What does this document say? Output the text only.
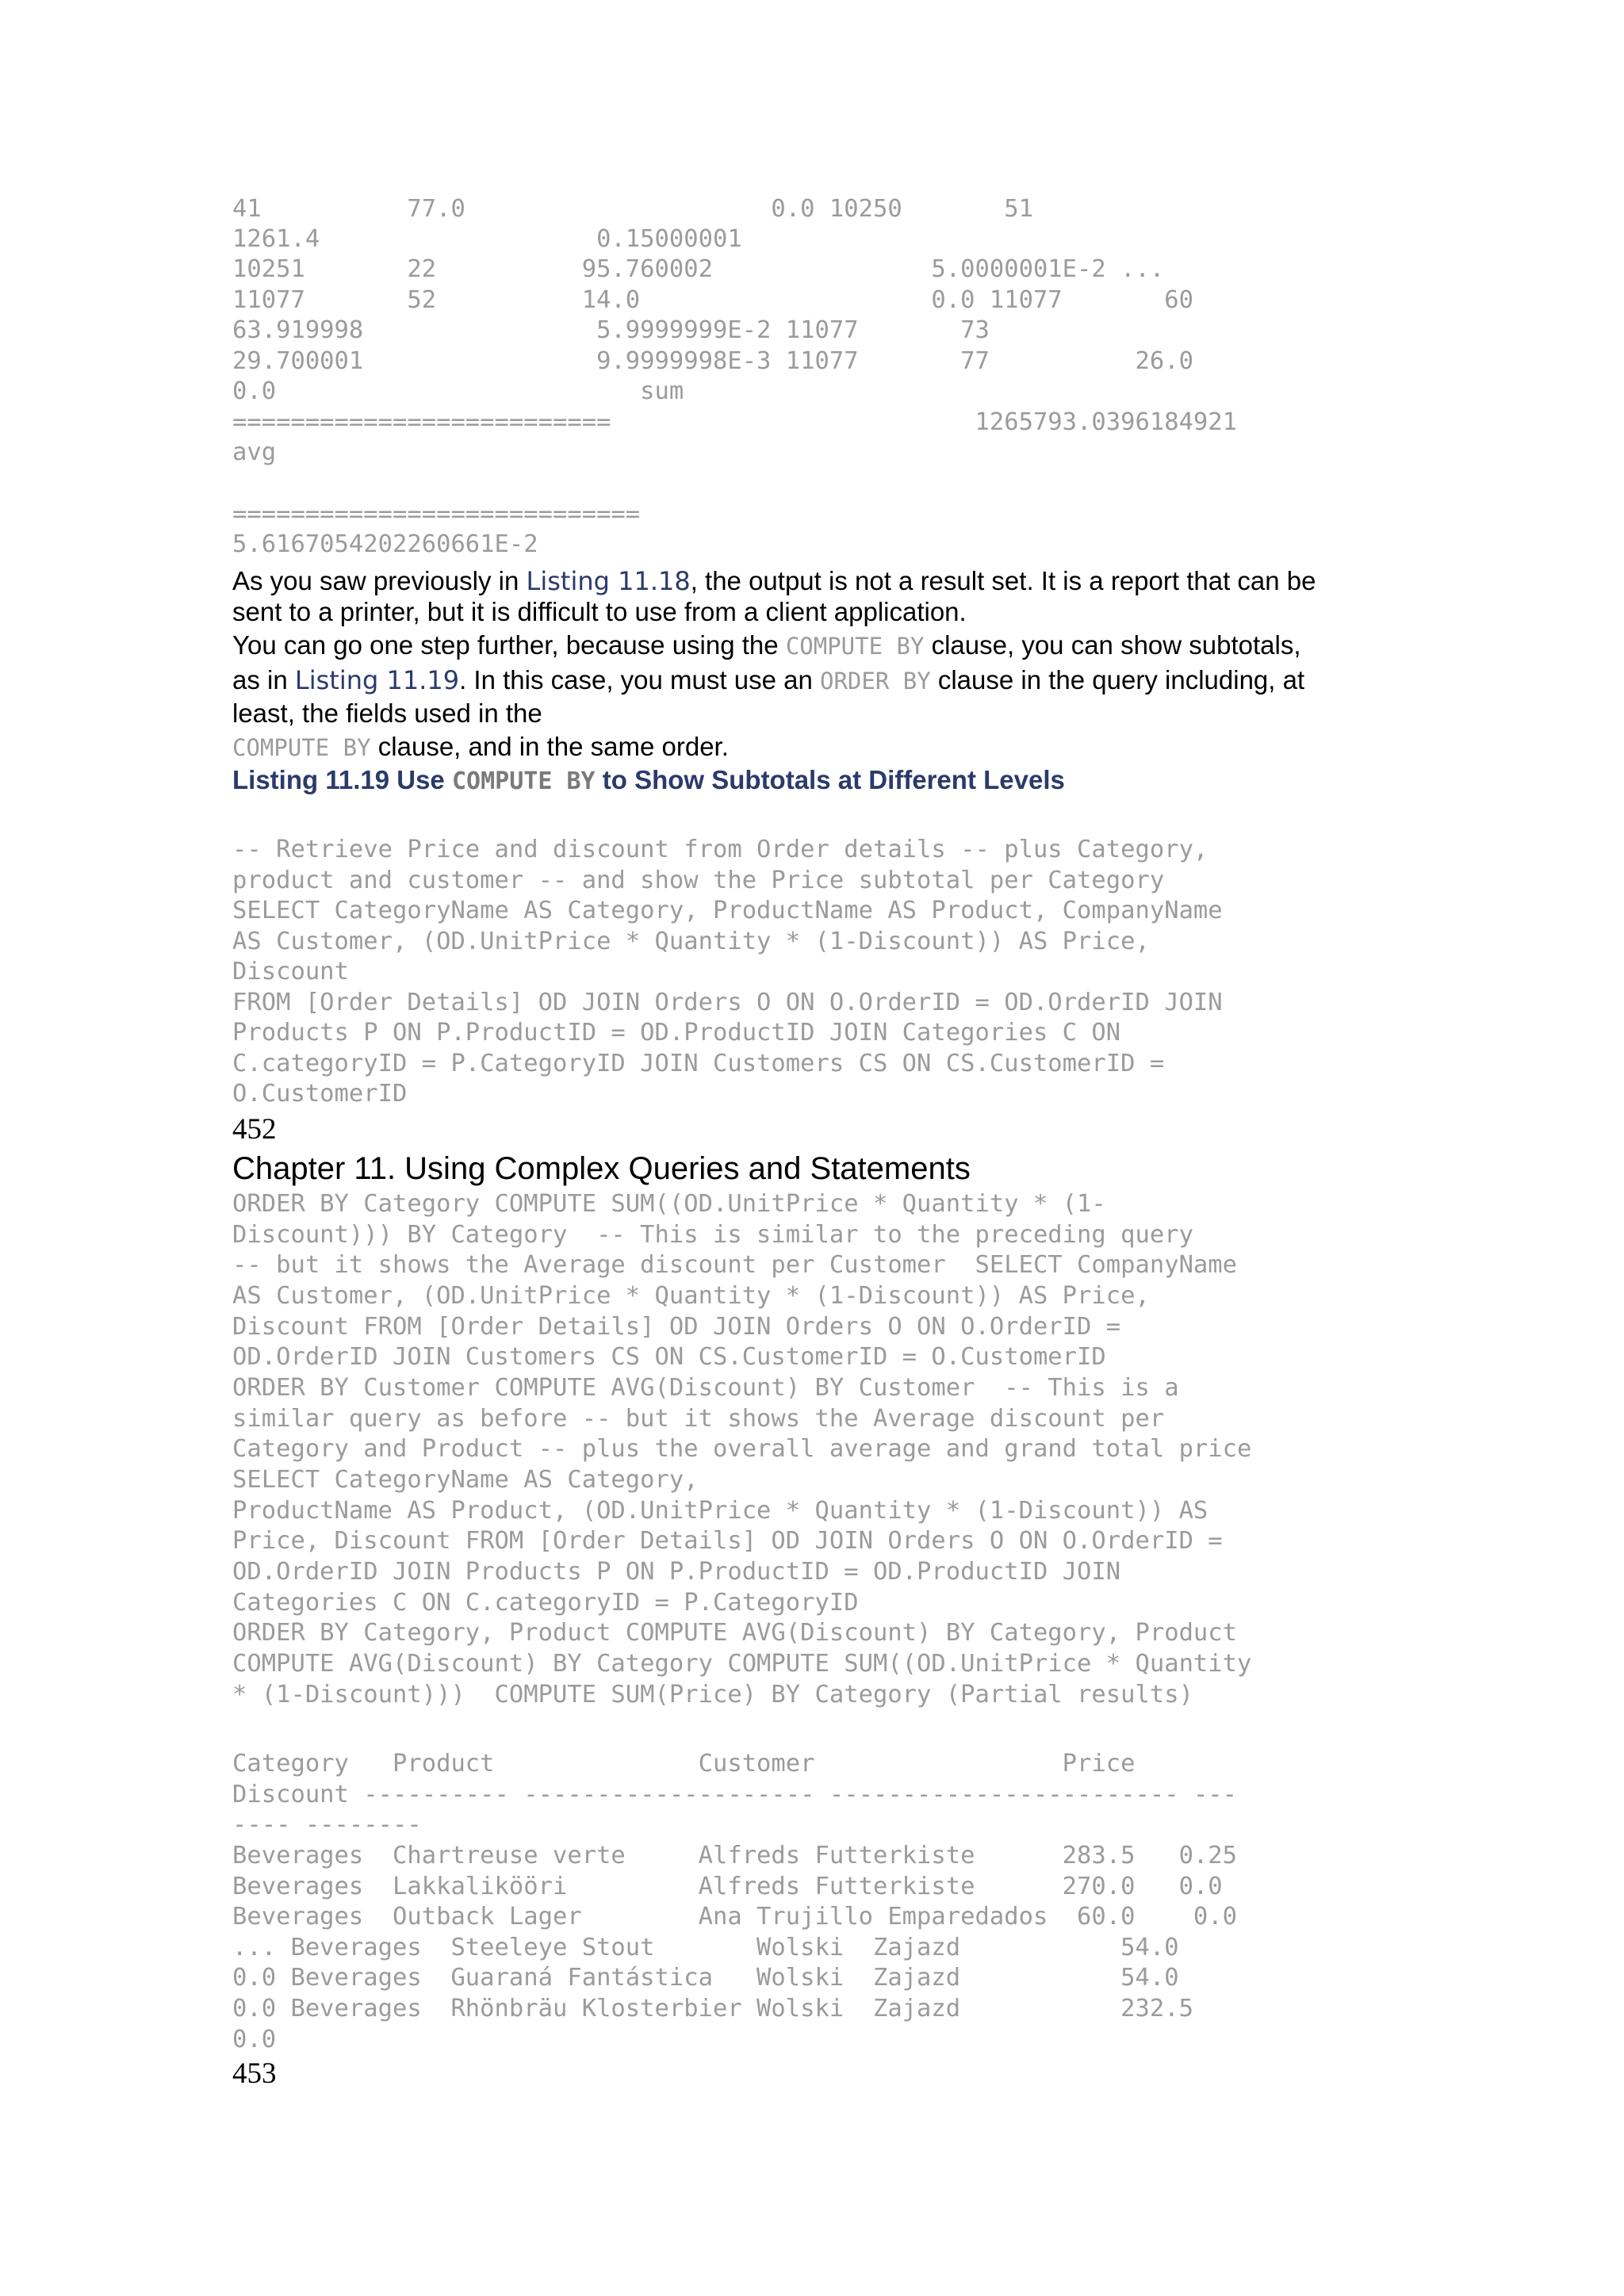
41          77.0                     0.0 10250       51
1261.4                   0.15000001
10251       22          95.760002               5.0000001E-2 ...
11077       52          14.0                    0.0 11077       60
63.919998                5.9999999E-2 11077       73
29.700001                9.9999998E-3 11077       77          26.0
0.0                         sum
==========================                         1265793.0396184921
avg
============================
5.6167054202260661E-2
As you saw previously in Listing 11.18, the output is not a result set. It is a report that can be
sent to a printer, but it is difficult to use from a client application.
You can go one step further, because using the COMPUTE BY clause, you can show subtotals,
as in Listing 11.19. In this case, you must use an ORDER BY clause in the query including, at
least, the fields used in the
COMPUTE BY clause, and in the same order.
Listing 11.19 Use COMPUTE BY to Show Subtotals at Different Levels
-- Retrieve Price and discount from Order details -- plus Category,
product and customer -- and show the Price subtotal per Category
SELECT CategoryName AS Category, ProductName AS Product, CompanyName
AS Customer, (OD.UnitPrice * Quantity * (1-Discount)) AS Price,
Discount
FROM [Order Details] OD JOIN Orders O ON O.OrderID = OD.OrderID JOIN
Products P ON P.ProductID = OD.ProductID JOIN Categories C ON
C.categoryID = P.CategoryID JOIN Customers CS ON CS.CustomerID =
O.CustomerID
452
Chapter 11. Using Complex Queries and Statements
ORDER BY Category COMPUTE SUM((OD.UnitPrice * Quantity * (1-
Discount))) BY Category  -- This is similar to the preceding query
-- but it shows the Average discount per Customer  SELECT CompanyName
AS Customer, (OD.UnitPrice * Quantity * (1-Discount)) AS Price,
Discount FROM [Order Details] OD JOIN Orders O ON O.OrderID =
OD.OrderID JOIN Customers CS ON CS.CustomerID = O.CustomerID
ORDER BY Customer COMPUTE AVG(Discount) BY Customer  -- This is a
similar query as before -- but it shows the Average discount per
Category and Product -- plus the overall average and grand total price
SELECT CategoryName AS Category,
ProductName AS Product, (OD.UnitPrice * Quantity * (1-Discount)) AS
Price, Discount FROM [Order Details] OD JOIN Orders O ON O.OrderID =
OD.OrderID JOIN Products P ON P.ProductID = OD.ProductID JOIN
Categories C ON C.categoryID = P.CategoryID
ORDER BY Category, Product COMPUTE AVG(Discount) BY Category, Product
COMPUTE AVG(Discount) BY Category COMPUTE SUM((OD.UnitPrice * Quantity
* (1-Discount)))  COMPUTE SUM(Price) BY Category (Partial results)
Category   Product              Customer                 Price
Discount ---------- -------------------- ------------------------ ---
---- --------
Beverages  Chartreuse verte     Alfreds Futterkiste      283.5   0.25
Beverages  Lakkalikööri         Alfreds Futterkiste      270.0   0.0
Beverages  Outback Lager        Ana Trujillo Emparedados  60.0    0.0
... Beverages  Steeleye Stout       Wolski  Zajazd           54.0
0.0 Beverages  Guaraná Fantástica   Wolski  Zajazd           54.0
0.0 Beverages  Rhönbräu Klosterbier Wolski  Zajazd           232.5
0.0
453
